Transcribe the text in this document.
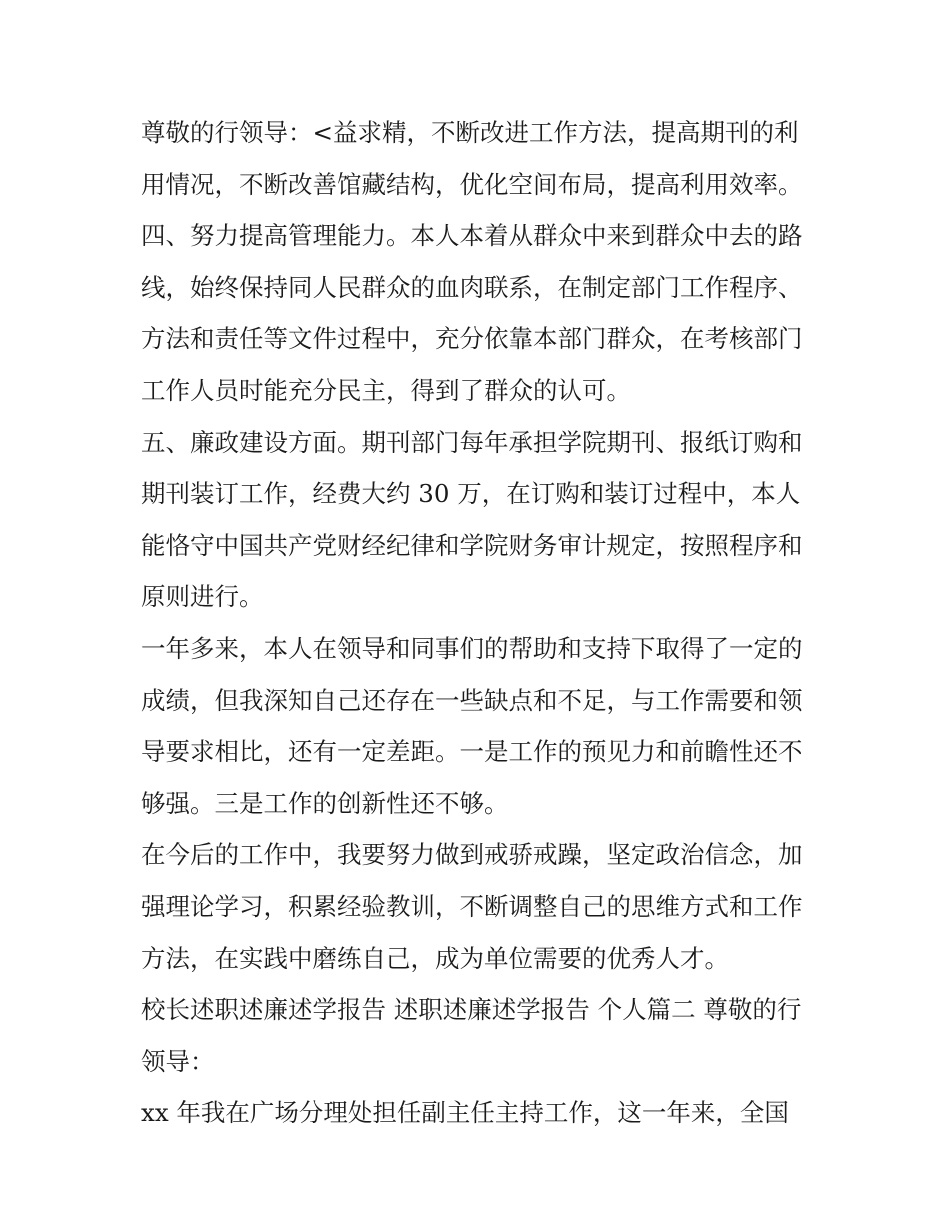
尊敬的行领导：<益求精，不断改进工作方法，提高期刊的利
用情况，不断改善馆藏结构，优化空间布局，提高利用效率。
四、努力提高管理能力。本人本着从群众中来到群众中去的路
线，始终保持同人民群众的血肉联系，在制定部门工作程序、
方法和责任等文件过程中，充分依靠本部门群众，在考核部门
工作人员时能充分民主，得到了群众的认可。
五、廉政建设方面。期刊部门每年承担学院期刊、报纸订购和
期刊装订工作，经费大约 30 万，在订购和装订过程中，本人
能恪守中国共产党财经纪律和学院财务审计规定，按照程序和
原则进行。
一年多来，本人在领导和同事们的帮助和支持下取得了一定的
成绩，但我深知自己还存在一些缺点和不足，与工作需要和领
导要求相比，还有一定差距。一是工作的预见力和前瞻性还不
够强。三是工作的创新性还不够。
在今后的工作中，我要努力做到戒骄戒躁，坚定政治信念，加
强理论学习，积累经验教训，不断调整自己的思维方式和工作
方法，在实践中磨练自己，成为单位需要的优秀人才。
校长述职述廉述学报告 述职述廉述学报告 个人篇二 尊敬的行
领导：
xx 年我在广场分理处担任副主任主持工作，这一年来，全国
